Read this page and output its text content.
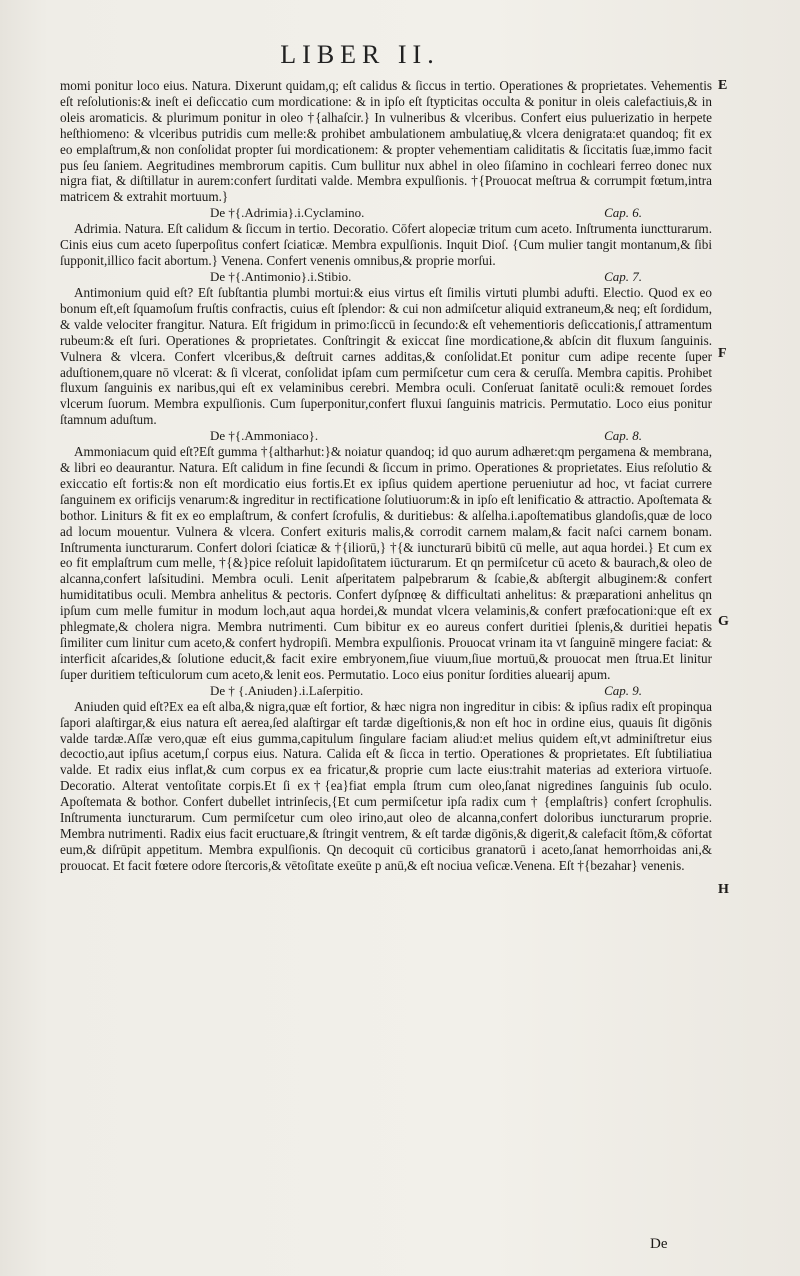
LIBER II.

momi ponitur loco eius. Natura. Dixerunt quidam,q; eſt calidus & ſiccus in tertio. Operationes & proprietates. Vehementis eſt reſolutionis:& ineſt ei deſiccatio cum mordicatione: & in ipſo eſt ſtypticitas occulta & ponitur in oleis calefactiuis,& in oleis aromaticis. & plurimum ponitur in oleo †{alhaſcir.} In vulneribus & vlceribus. Confert eius puluerizatio in herpete heſthiomeno: & vlceribus putridis cum melle:& prohibet ambulationem ambulatiuę,& vlcera denigrata:et quandoq; fit ex eo emplaſtrum,& non conſolidat propter ſui mordicationem: & propter vehementiam caliditatis & ſiccitatis ſuæ,immo facit pus ſeu ſaniem. Aegritudines membrorum capitis. Cum bullitur nux abhel in oleo ſiſamino in cochleari ferreo donec nux nigra fiat, & diſtillatur in aurem:confert ſurditati valde. Membra expulſionis. †{Prouocat meſtrua & corrumpit fœtum,intra matricem & extrahit mortuum.}

De †{.Adrimia}.i.Cyclamino.	Cap. 6.

Adrimia. Natura. Eſt calidum & ſiccum in tertio. Decoratio. Cōfert alopeciæ tritum cum aceto. Inſtrumenta iunctturarum. Cinis eius cum aceto ſuperpoſitus confert ſciaticæ. Membra expulſionis. Inquit Dioſ. {Cum mulier tangit montanum,& ſibi ſupponit,illico facit abortum.} Venena. Confert venenis omnibus,& proprie morſui.

De †{.Antimonio}.i.Stibio.	Cap. 7.

Antimonium quid eſt? Eſt ſubſtantia plumbi mortui:& eius virtus eſt ſimilis virtuti plumbi adufti. Electio. Quod ex eo bonum eſt,eſt ſquamoſum fruſtis confractis, cuius eſt ſplendor: & cui non admiſcetur aliquid extraneum,& neq; eſt ſordidum, & valde velociter frangitur. Natura. Eſt frigidum in primo:ſiccū in ſecundo:& eſt vehementioris deſiccationis,ſ attramentum rubeum:& eſt ſuri. Operationes & proprietates. Conſtringit & exiccat ſine mordicatione,& abſcin dit fluxum ſanguinis. Vulnera & vlcera. Confert vlceribus,& deſtruit carnes additas,& conſolidat.Et ponitur cum adipe recente ſuper aduſtionem,quare nō vlcerat: & ſi vlcerat, conſolidat ipſam cum permiſcetur cum cera & ceruſſa. Membra capitis. Prohibet fluxum ſanguinis ex naribus,qui eſt ex velaminibus cerebri. Membra oculi. Conſeruat ſanitatē oculi:& remouet ſordes vlcerum ſuorum. Membra expulſionis. Cum ſuperponitur,confert fluxui ſanguinis matricis. Permutatio. Loco eius ponitur ſtamnum aduſtum.

De †{.Ammoniaco}.	Cap. 8.

Ammoniacum quid eſt?Eſt gumma †{altharhut:}& noiatur quandoq; id quo aurum adhæret:qm pergamena & membrana, & libri eo deaurantur. Natura. Eſt calidum in fine ſecundi & ſiccum in primo. Operationes & proprietates. Eius reſolutio & exiccatio eſt fortis:& non eſt mordicatio eius fortis.Et ex ipſius quidem apertione perueniutur ad hoc, vt faciat currere ſanguinem ex orificijs venarum:& ingreditur in rectificatione ſolutiuorum:& in ipſo eſt lenificatio & attractio. Apoſtemata & bothor. Liniturs & fit ex eo emplaſtrum, & confert ſcrofulis, & duritiebus: & alſelha.i.apoſtematibus glandoſis,quæ de loco ad locum mouentur. Vulnera & vlcera. Confert exituris malis,& corrodit carnem malam,& facit naſci carnem bonam. Inſtrumenta iuncturarum. Confert dolori ſciaticæ & †{iliorū,} †{& iuncturarū bibitū cū melle, aut aqua hordei.} Et cum ex eo fit emplaſtrum cum melle, †{&}pice reſoluit lapidoſitatem iūcturarum. Et qn permiſcetur cū aceto & baurach,& oleo de alcanna,confert laſsitudini. Membra oculi. Lenit aſperitatem palpebrarum & ſcabie,& abſtergit albuginem:& confert humiditatibus oculi. Membra anhelitus & pectoris. Confert dyſpnœę & difficultati anhelitus: & præparationi anhelitus qn ipſum cum melle fumitur in modum loch,aut aqua hordei,& mundat vlcera velaminis,& confert præfocationi:que eſt ex phlegmate,& cholera nigra. Membra nutrimenti. Cum bibitur ex eo aureus confert duritiei ſplenis,& duritiei hepatis ſimiliter cum linitur cum aceto,& confert hydropiſi. Membra expulſionis. Prouocat vrinam ita vt ſanguinē mingere faciat: & interficit aſcarides,& ſolutione educit,& facit exire embryonem,ſiue viuum,ſiue mortuū,& prouocat men ſtrua.Et linitur ſuper duritiem teſticulorum cum aceto,& lenit eos. Permutatio. Loco eius ponitur ſordities aluearij apum.

De † {.Aniuden}.i.Laſerpitio.	Cap. 9.

Aniuden quid eſt?Ex ea eſt alba,& nigra,quæ eſt fortior, & hæc nigra non ingreditur in cibis: & ipſius radix eſt propinqua ſapori alaſtirgar,& eius natura eſt aerea,ſed alaſtirgar eſt tardæ digeſtionis,& non eſt hoc in ordine eius, quauis ſit digōnis valde tardæ.Aſſæ vero,quæ eſt eius gumma,capitulum ſingulare faciam aliud:et melius quidem eſt,vt adminiſtretur eius decoctio,aut ipſius acetum,ſ corpus eius. Natura. Calida eſt & ſicca in tertio. Operationes & proprietates. Eſt ſubtiliatiua valde. Et radix eius inflat,& cum corpus ex ea fricatur,& proprie cum lacte eius:trahit materias ad exteriora virtuoſe. Decoratio. Alterat ventoſitate corpis.Et ſi ex†{ea}fiat empla ſtrum cum oleo,ſanat nigredines ſanguinis ſub oculo. Apoſtemata & bothor. Confert dubellet intrinſecis,{Et cum permiſcetur ipſa radix cum † {emplaſtris} confert ſcrophulis. Inſtrumenta iuncturarum. Cum permiſcetur cum oleo irino,aut oleo de alcanna,confert doloribus iuncturarum proprie. Membra nutrimenti. Radix eius facit eructuare,& ſtringit ventrem, & eſt tardæ digōnis,& digerit,& calefacit ſtōm,& cōfortat eum,& diſrūpit appetitum. Membra expulſionis. Qn decoquit cū corticibus granatorū i aceto,ſanat hemorrhoidas ani,& prouocat. Et facit fœtere odore ſtercoris,& vētoſitate exeūte p anū,& eſt nociua veſicæ.Venena. Eſt †{bezahar} venenis.

E
F
G
H
De
